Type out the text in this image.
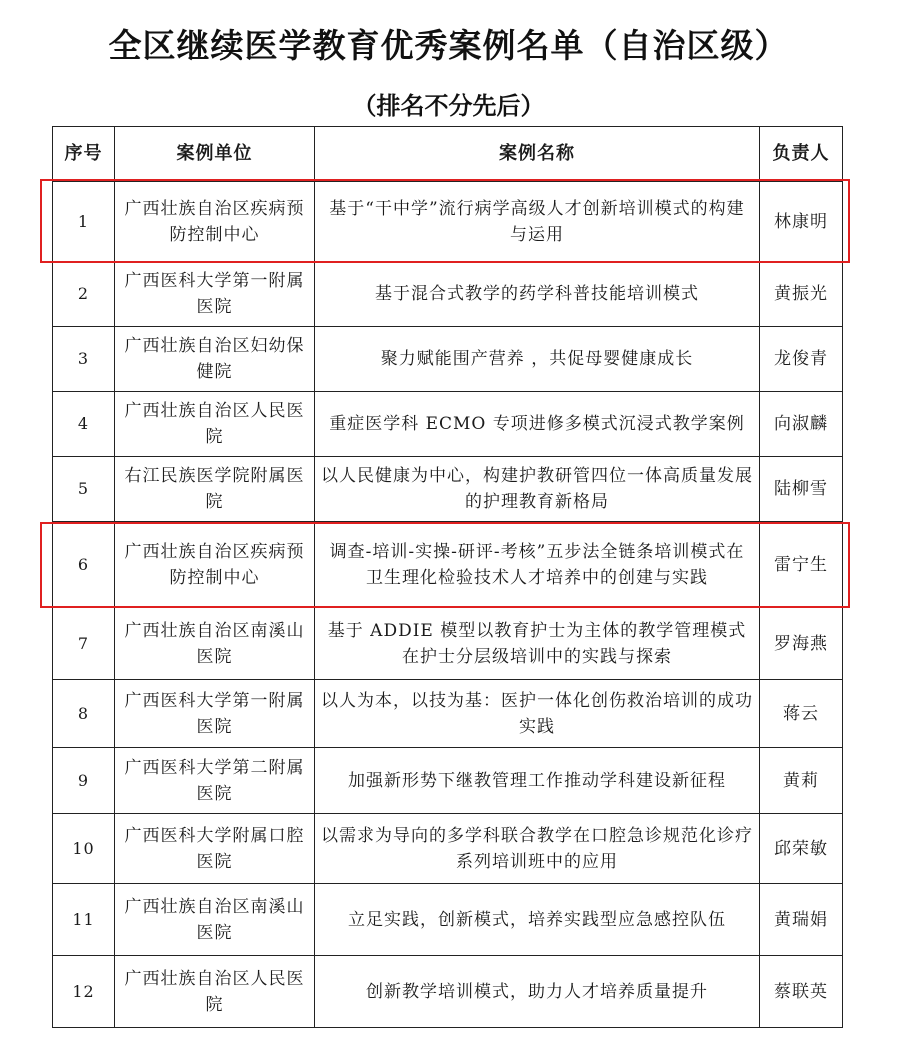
全区继续医学教育优秀案例名单（自治区级）
（排名不分先后）
序号	案例单位	案例名称	负责人
1	广西壮族自治区疾病预防控制中心	基于“干中学”流行病学高级人才创新培训模式的构建与运用	林康明
2	广西医科大学第一附属医院	基于混合式教学的药学科普技能培训模式	黄振光
3	广西壮族自治区妇幼保健院	聚力赋能围产营养 ，共促母婴健康成长	龙俊青
4	广西壮族自治区人民医院	重症医学科 ECMO 专项进修多模式沉浸式教学案例	向淑麟
5	右江民族医学院附属医院	以人民健康为中心，构建护教研管四位一体高质量发展的护理教育新格局	陆柳雪
6	广西壮族自治区疾病预防控制中心	调查-培训-实操-研评-考核”五步法全链条培训模式在卫生理化检验技术人才培养中的创建与实践	雷宁生
7	广西壮族自治区南溪山医院	基于 ADDIE 模型以教育护士为主体的教学管理模式在护士分层级培训中的实践与探索	罗海燕
8	广西医科大学第一附属医院	以人为本，以技为基：医护一体化创伤救治培训的成功实践	蒋云
9	广西医科大学第二附属医院	加强新形势下继教管理工作推动学科建设新征程	黄莉
10	广西医科大学附属口腔医院	以需求为导向的多学科联合教学在口腔急诊规范化诊疗系列培训班中的应用	邱荣敏
11	广西壮族自治区南溪山医院	立足实践，创新模式，培养实践型应急感控队伍	黄瑞娟
12	广西壮族自治区人民医院	创新教学培训模式，助力人才培养质量提升	蔡联英
